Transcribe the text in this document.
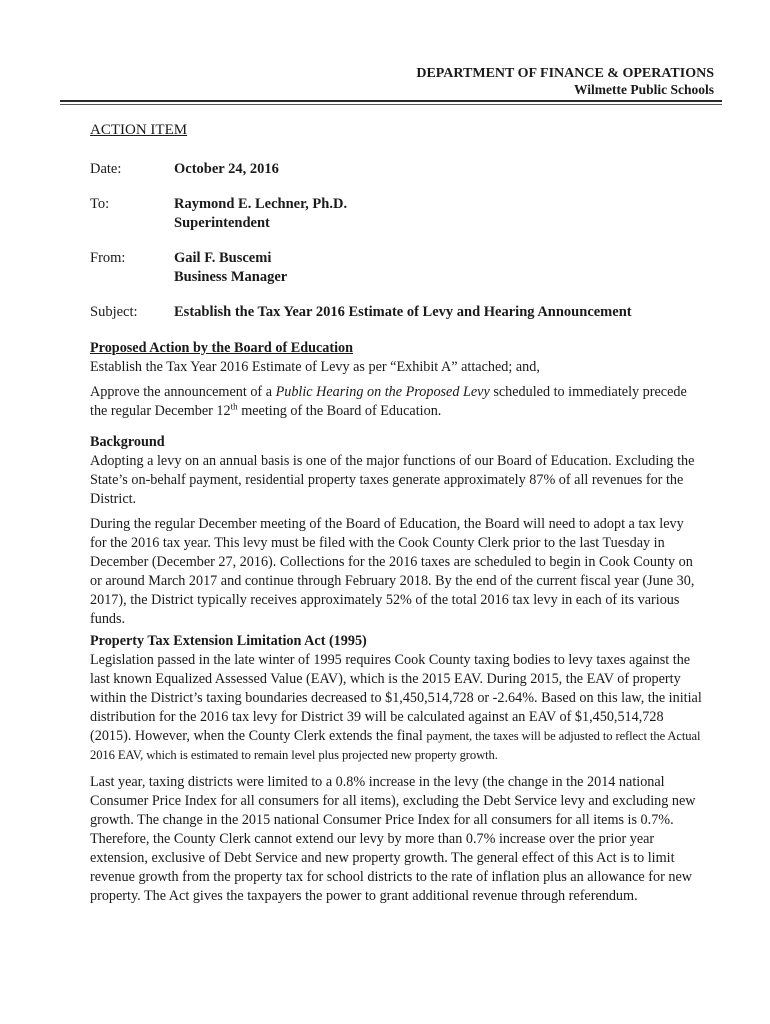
DEPARTMENT OF FINANCE & OPERATIONS
Wilmette Public Schools
ACTION ITEM
Date:	October 24, 2016
To:	Raymond E. Lechner, Ph.D.
Superintendent
From:	Gail F. Buscemi
Business Manager
Subject:	Establish the Tax Year 2016 Estimate of Levy and Hearing Announcement
Proposed Action by the Board of Education

Establish the Tax Year 2016 Estimate of Levy as per “Exhibit A” attached; and,

Approve the announcement of a Public Hearing on the Proposed Levy scheduled to immediately precede the regular December 12th meeting of the Board of Education.

Background

Adopting a levy on an annual basis is one of the major functions of our Board of Education. Excluding the State’s on-behalf payment, residential property taxes generate approximately 87% of all revenues for the District.

During the regular December meeting of the Board of Education, the Board will need to adopt a tax levy for the 2016 tax year. This levy must be filed with the Cook County Clerk prior to the last Tuesday in December (December 27, 2016). Collections for the 2016 taxes are scheduled to begin in Cook County on or around March 2017 and continue through February 2018. By the end of the current fiscal year (June 30, 2017), the District typically receives approximately 52% of the total 2016 tax levy in each of its various funds.

Property Tax Extension Limitation Act (1995)

Legislation passed in the late winter of 1995 requires Cook County taxing bodies to levy taxes against the last known Equalized Assessed Value (EAV), which is the 2015 EAV. During 2015, the EAV of property within the District’s taxing boundaries decreased to $1,450,514,728 or -2.64%. Based on this law, the initial distribution for the 2016 tax levy for District 39 will be calculated against an EAV of $1,450,514,728 (2015). However, when the County Clerk extends the final payment, the taxes will be adjusted to reflect the Actual 2016 EAV, which is estimated to remain level plus projected new property growth.

Last year, taxing districts were limited to a 0.8% increase in the levy (the change in the 2014 national Consumer Price Index for all consumers for all items), excluding the Debt Service levy and excluding new growth. The change in the 2015 national Consumer Price Index for all consumers for all items is 0.7%. Therefore, the County Clerk cannot extend our levy by more than 0.7% increase over the prior year extension, exclusive of Debt Service and new property growth. The general effect of this Act is to limit revenue growth from the property tax for school districts to the rate of inflation plus an allowance for new property. The Act gives the taxpayers the power to grant additional revenue through referendum.
